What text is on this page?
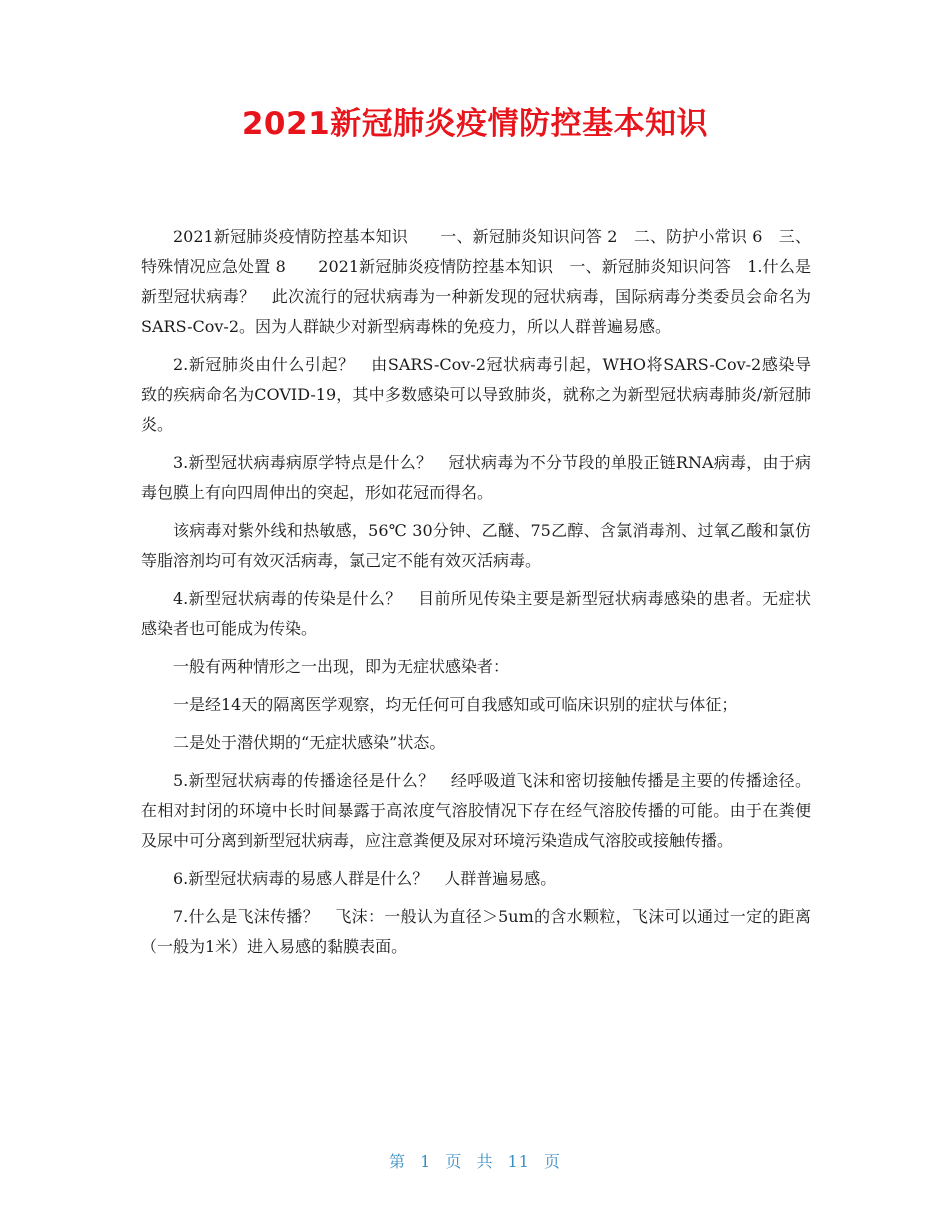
2021新冠肺炎疫情防控基本知识

2021新冠肺炎疫情防控基本知识　　一、新冠肺炎知识问答 2　二、防护小常识 6　三、特殊情况应急处置 8　　2021新冠肺炎疫情防控基本知识　一、新冠肺炎知识问答　1.什么是新型冠状病毒？　此次流行的冠状病毒为一种新发现的冠状病毒，国际病毒分类委员会命名为SARS-Cov-2。因为人群缺少对新型病毒株的免疫力，所以人群普遍易感。

2.新冠肺炎由什么引起？　由SARS-Cov-2冠状病毒引起，WHO将SARS-Cov-2感染导致的疾病命名为COVID-19，其中多数感染可以导致肺炎，就称之为新型冠状病毒肺炎/新冠肺炎。

3.新型冠状病毒病原学特点是什么？　冠状病毒为不分节段的单股正链RNA病毒，由于病毒包膜上有向四周伸出的突起，形如花冠而得名。

该病毒对紫外线和热敏感，56℃ 30分钟、乙醚、75乙醇、含氯消毒剂、过氧乙酸和氯仿等脂溶剂均可有效灭活病毒，氯己定不能有效灭活病毒。

4.新型冠状病毒的传染是什么？　目前所见传染主要是新型冠状病毒感染的患者。无症状感染者也可能成为传染。

一般有两种情形之一出现，即为无症状感染者：

一是经14天的隔离医学观察，均无任何可自我感知或可临床识别的症状与体征；

二是处于潜伏期的“无症状感染”状态。

5.新型冠状病毒的传播途径是什么？　经呼吸道飞沫和密切接触传播是主要的传播途径。在相对封闭的环境中长时间暴露于高浓度气溶胶情况下存在经气溶胶传播的可能。由于在粪便及尿中可分离到新型冠状病毒，应注意粪便及尿对环境污染造成气溶胶或接触传播。

6.新型冠状病毒的易感人群是什么？　人群普遍易感。

7.什么是飞沫传播？　飞沫：一般认为直径＞5um的含水颗粒，飞沫可以通过一定的距离（一般为1米）进入易感的黏膜表面。

第 1 页 共 11 页
